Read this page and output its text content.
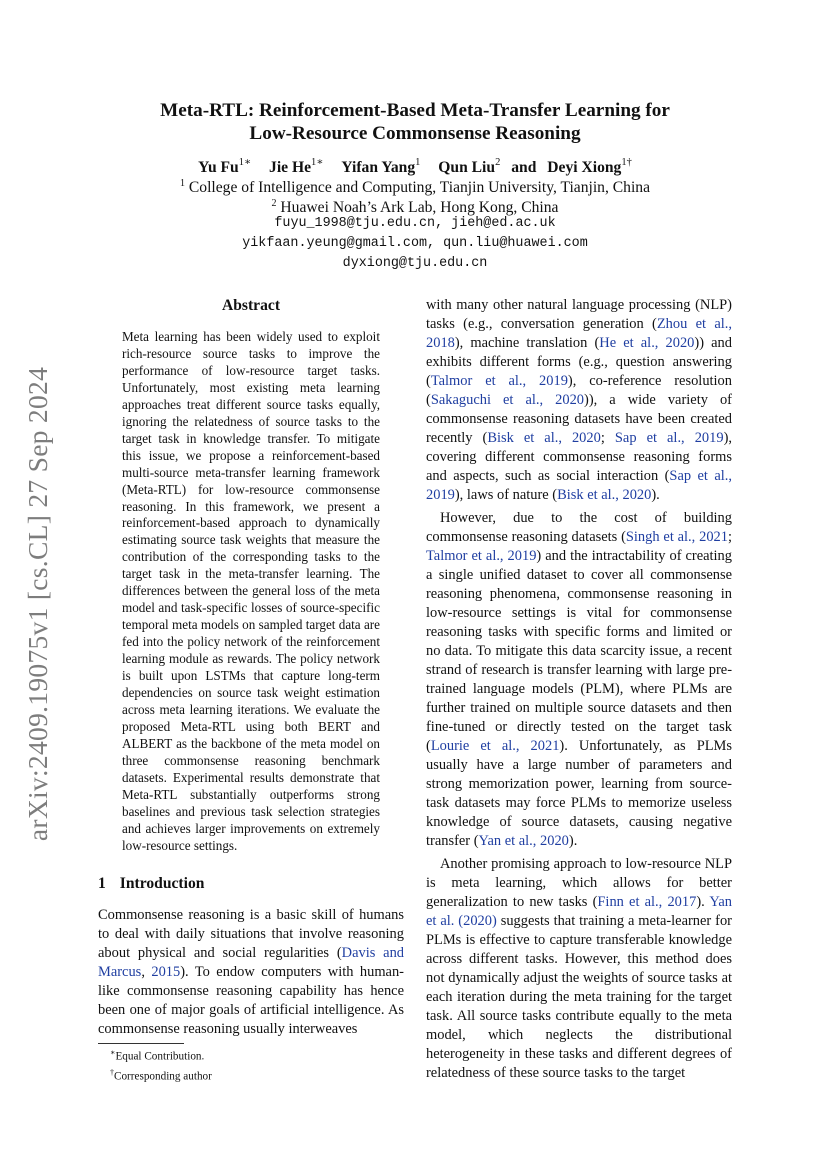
arXiv:2409.19075v1 [cs.CL] 27 Sep 2024
Meta-RTL: Reinforcement-Based Meta-Transfer Learning for
Low-Resource Commonsense Reasoning
Yu $Fu^{1∗}$ Jie $He^{1∗}$ Yifan Yang$^1$ Qun Liu$^2$ and Deyi Xiong$^{1\dagger}$
$^1$ College of Intelligence and Computing, Tianjin University, Tianjin, China
$^2$ Huawei Noah’s Ark Lab, Hong Kong, China
fuyu_1998@tju.edu.cn, jieh@ed.ac.uk
yikfaan.yeung@gmail.com, qun.liu@huawei.com
dyxiong@tju.edu.cn
Abstract
Meta learning has been widely used to exploit rich-resource source tasks to improve the performance of low-resource target tasks. Unfortunately, most existing meta learning approaches treat different source tasks equally, ignoring the relatedness of source tasks to the target task in knowledge transfer. To mitigate this issue, we propose a reinforcement-based multi-source meta-transfer learning framework (Meta-RTL) for low-resource commonsense reasoning. In this framework, we present a reinforcement-based approach to dynamically estimating source task weights that measure the contribution of the corresponding tasks to the target task in the meta-transfer learning. The differences between the general loss of the meta model and task-specific losses of source-specific temporal meta models on sampled target data are fed into the policy network of the reinforcement learning module as rewards. The policy network is built upon LSTMs that capture long-term dependencies on source task weight estimation across meta learning iterations. We evaluate the proposed Meta-RTL using both BERT and ALBERT as the backbone of the meta model on three commonsense reasoning benchmark datasets. Experimental results demonstrate that Meta-RTL substantially outperforms strong baselines and previous task selection strategies and achieves larger improvements on extremely low-resource settings.
1 Introduction
Commonsense reasoning is a basic skill of humans to deal with daily situations that involve reasoning about physical and social regularities (Davis and Marcus, 2015). To endow computers with human-like commonsense reasoning capability has hence been one of major goals of artificial intelligence. As commonsense reasoning usually interweaves

with many other natural language processing (NLP) tasks (e.g., conversation generation (Zhou et al., 2018), machine translation (He et al., 2020)) and exhibits different forms (e.g., question answering (Talmor et al., 2019), co-reference resolution (Sakaguchi et al., 2020)), a wide variety of commonsense reasoning datasets have been created recently (Bisk et al., 2020; Sap et al., 2019), covering different commonsense reasoning forms and aspects, such as social interaction (Sap et al., 2019), laws of nature (Bisk et al., 2020).

However, due to the cost of building commonsense reasoning datasets (Singh et al., 2021; Talmor et al., 2019) and the intractability of creating a single unified dataset to cover all commonsense reasoning phenomena, commonsense reasoning in low-resource settings is vital for commonsense reasoning tasks with specific forms and limited or no data. To mitigate this data scarcity issue, a recent strand of research is transfer learning with large pre-trained language models (PLM), where PLMs are further trained on multiple source datasets and then fine-tuned or directly tested on the target task (Lourie et al., 2021). Unfortunately, as PLMs usually have a large number of parameters and strong memorization power, learning from source-task datasets may force PLMs to memorize useless knowledge of source datasets, causing negative transfer (Yan et al., 2020).

Another promising approach to low-resource NLP is meta learning, which allows for better generalization to new tasks (Finn et al., 2017). Yan et al. (2020) suggests that training a meta-learner for PLMs is effective to capture transferable knowledge across different tasks. However, this method does not dynamically adjust the weights of source tasks at each iteration during the meta training for the target task. All source tasks contribute equally to the meta model, which neglects the distributional heterogeneity in these tasks and different degrees of relatedness of these source tasks to the target

∗Equal Contribution.
†Corresponding author
